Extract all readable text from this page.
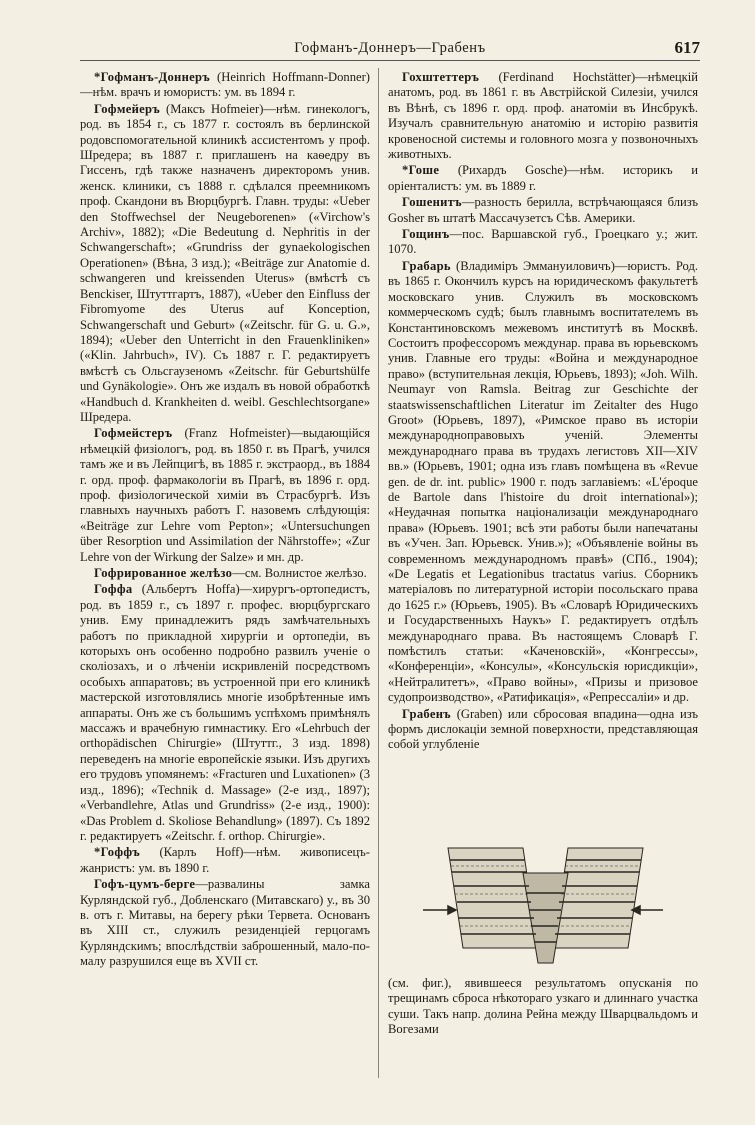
Гофманъ-Доннеръ—Грабенъ	617

*Гофманъ-Доннеръ (Heinrich Hoffmann-Donner)—нѣм. врачъ и юмористъ: ум. въ 1894 г.

Гофмейеръ (Максъ Hofmeier)—нѣм. гинекологъ, род. въ 1854 г., съ 1877 г. состоялъ въ берлинской родовспомогательной клиникѣ ассистентомъ у проф. Шредера; въ 1887 г. приглашенъ на каѳедру въ Гиссенъ, гдѣ также назначенъ директоромъ унив. женск. клиники, съ 1888 г. сдѣлался преемникомъ проф. Скандони въ Вюрцбургѣ. Главн. труды: «Ueber den Stoffwechsel der Neugeborenen» («Virchow's Archiv», 1882); «Die Bedeutung d. Nephritis in der Schwangerschaft»; «Grundriss der gynaekologischen Operationen» (Вѣна, 3 изд.); «Beiträge zur Anatomie d. schwangeren und kreissenden Uterus» (вмѣстѣ съ Benckiser, Штуттгартъ, 1887), «Ueber den Einfluss der Fibromyome des Uterus auf Konception, Schwangerschaft und Geburt» («Zeitschr. für G. u. G.», 1894); «Ueber den Unterricht in den Frauenkliniken» («Klin. Jahrbuch», IV). Съ 1887 г. Г. редактируетъ вмѣстѣ съ Ольсгаузеномъ «Zeitschr. für Geburtshülfe und Gynäkologie». Онъ же издалъ въ новой обработкѣ «Handbuch d. Krankheiten d. weibl. Geschlechtsorgane» Шредера.

Гофмейстеръ (Franz Hofmeister)—выдающійся нѣмецкій физіологъ, род. въ 1850 г. въ Прагѣ, учился тамъ же и въ Лейпцигѣ, въ 1885 г. экстраорд., въ 1884 г. орд. проф. фармакологіи въ Прагѣ, въ 1896 г. орд. проф. физіологической химіи въ Страсбургѣ. Изъ главныхъ научныхъ работъ Г. назовемъ слѣдующія: «Beiträge zur Lehre vom Pepton»; «Untersuchungen über Resorption und Assimilation der Nährstoffe»; «Zur Lehre von der Wirkung der Salze» и мн. др.

Гофрированное желѣзо—см. Волнистое желѣзо.

Гоффа (Альбертъ Hoffa)—хирургъ-ортопедистъ, род. въ 1859 г., съ 1897 г. профес. вюрцбургскаго унив. Ему принадлежитъ рядъ замѣчательныхъ работъ по прикладной хирургіи и ортопедіи, въ которыхъ онъ особенно подробно развилъ ученіе о сколіозахъ, и о лѣченіи искривленій посредствомъ особыхъ аппаратовъ; въ устроенной при его клиникѣ мастерской изготовлялись многіе изобрѣтенные имъ аппараты. Онъ же съ большимъ успѣхомъ примѣнялъ массажъ и врачебную гимнастику. Его «Lehrbuch der orthopädischen Chirurgie» (Штуттг., 3 изд. 1898) переведенъ на многіе европейскіе языки. Изъ другихъ его трудовъ упомянемъ: «Fracturen und Luxationen» (3 изд., 1896); «Technik d. Massage» (2-е изд., 1897); «Verbandlehre, Atlas und Grundriss» (2-е изд., 1900): «Das Problem d. Skoliose Behandlung» (1897). Съ 1892 г. редактируетъ «Zeitschr. f. orthop. Chirurgie».

*Гоффъ (Карлъ Hoff)—нѣм. живописецъ-жанристъ: ум. въ 1890 г.

Гофъ-цумъ-берге—развалины замка Курляндской губ., Добленскаго (Митавскаго) у., въ 30 в. отъ г. Митавы, на берегу рѣки Тервета. Основанъ въ XIII ст., служилъ резиденціей герцогамъ Курляндскимъ; впослѣдствіи заброшенный, мало-по-малу разрушился еще въ XVII ст.

Гохштеттеръ (Ferdinand Hochstätter)—нѣмецкій анатомъ, род. въ 1861 г. въ Австрійской Силезіи, учился въ Вѣнѣ, съ 1896 г. орд. проф. анатоміи въ Инсбрукѣ. Изучалъ сравнительную анатомію и исторію развитія кровеносной системы и головного мозга у позвоночныхъ животныхъ.

*Гоше (Рихардъ Gosche)—нѣм. историкъ и оріенталистъ: ум. въ 1889 г.

Гошенитъ—разность берилла, встрѣчающаяся близъ Gosher въ штатѣ Массачузетсъ Сѣв. Америки.

Гощинъ—пос. Варшавской губ., Гроецкаго у.; жит. 1070.

Грабарь (Владиміръ Эммануиловичъ)—юристъ. Род. въ 1865 г. Окончилъ курсъ на юридическомъ факультетѣ московскаго унив. Служилъ въ московскомъ коммерческомъ судѣ; былъ главнымъ воспитателемъ въ Константиновскомъ межевомъ институтѣ въ Москвѣ. Состоитъ профессоромъ междунар. права въ юрьевскомъ унив. Главные его труды: «Война и международное право» (вступительная лекція, Юрьевъ, 1893); «Joh. Wilh. Neumayr von Ramsla. Beitrag zur Geschichte der staatswissenschaftlichen Literatur im Zeitalter des Hugo Groot» (Юрьевъ, 1897), «Римское право въ исторіи международноправовыхъ ученій. Элементы международнаго права въ трудахъ легистовъ XII—XIV вв.» (Юрьевъ, 1901; одна изъ главъ помѣщена въ «Revue gen. de dr. int. public» 1900 г. подъ заглавіемъ: «L'époque de Bartole dans l'histoire du droit international»); «Неудачная попытка націонализаціи международнаго права» (Юрьевъ. 1901; всѣ эти работы были напечатаны въ «Учен. Зап. Юрьевск. Унив.»); «Объявленіе войны въ современномъ международномъ правѣ» (СПб., 1904); «De Legatis et Legationibus tractatus varius. Сборникъ матеріаловъ по литературной исторіи посольскаго права до 1625 г.» (Юрьевъ, 1905). Въ «Словарѣ Юридическихъ и Государственныхъ Наукъ» Г. редактируетъ отдѣлъ международнаго права. Въ настоящемъ Словарѣ Г. помѣстилъ статьи: «Каченовскій», «Конгрессы», «Конференціи», «Консулы», «Консульскія юрисдикціи», «Нейтралитетъ», «Право войны», «Призы и призовое судопроизводство», «Ратификація», «Репрессаліи» и др.

Грабенъ (Graben) или сбросовая впадина—одна изъ формъ дислокацiи земной поверхности, представляющая собой углубленіе

(см. фиг.), явившееся результатомъ опусканія по трещинамъ сброса нѣкотораго узкаго и длиннаго участка суши. Такъ напр. долина Рейна между Шварцвальдомъ и Вогезами
